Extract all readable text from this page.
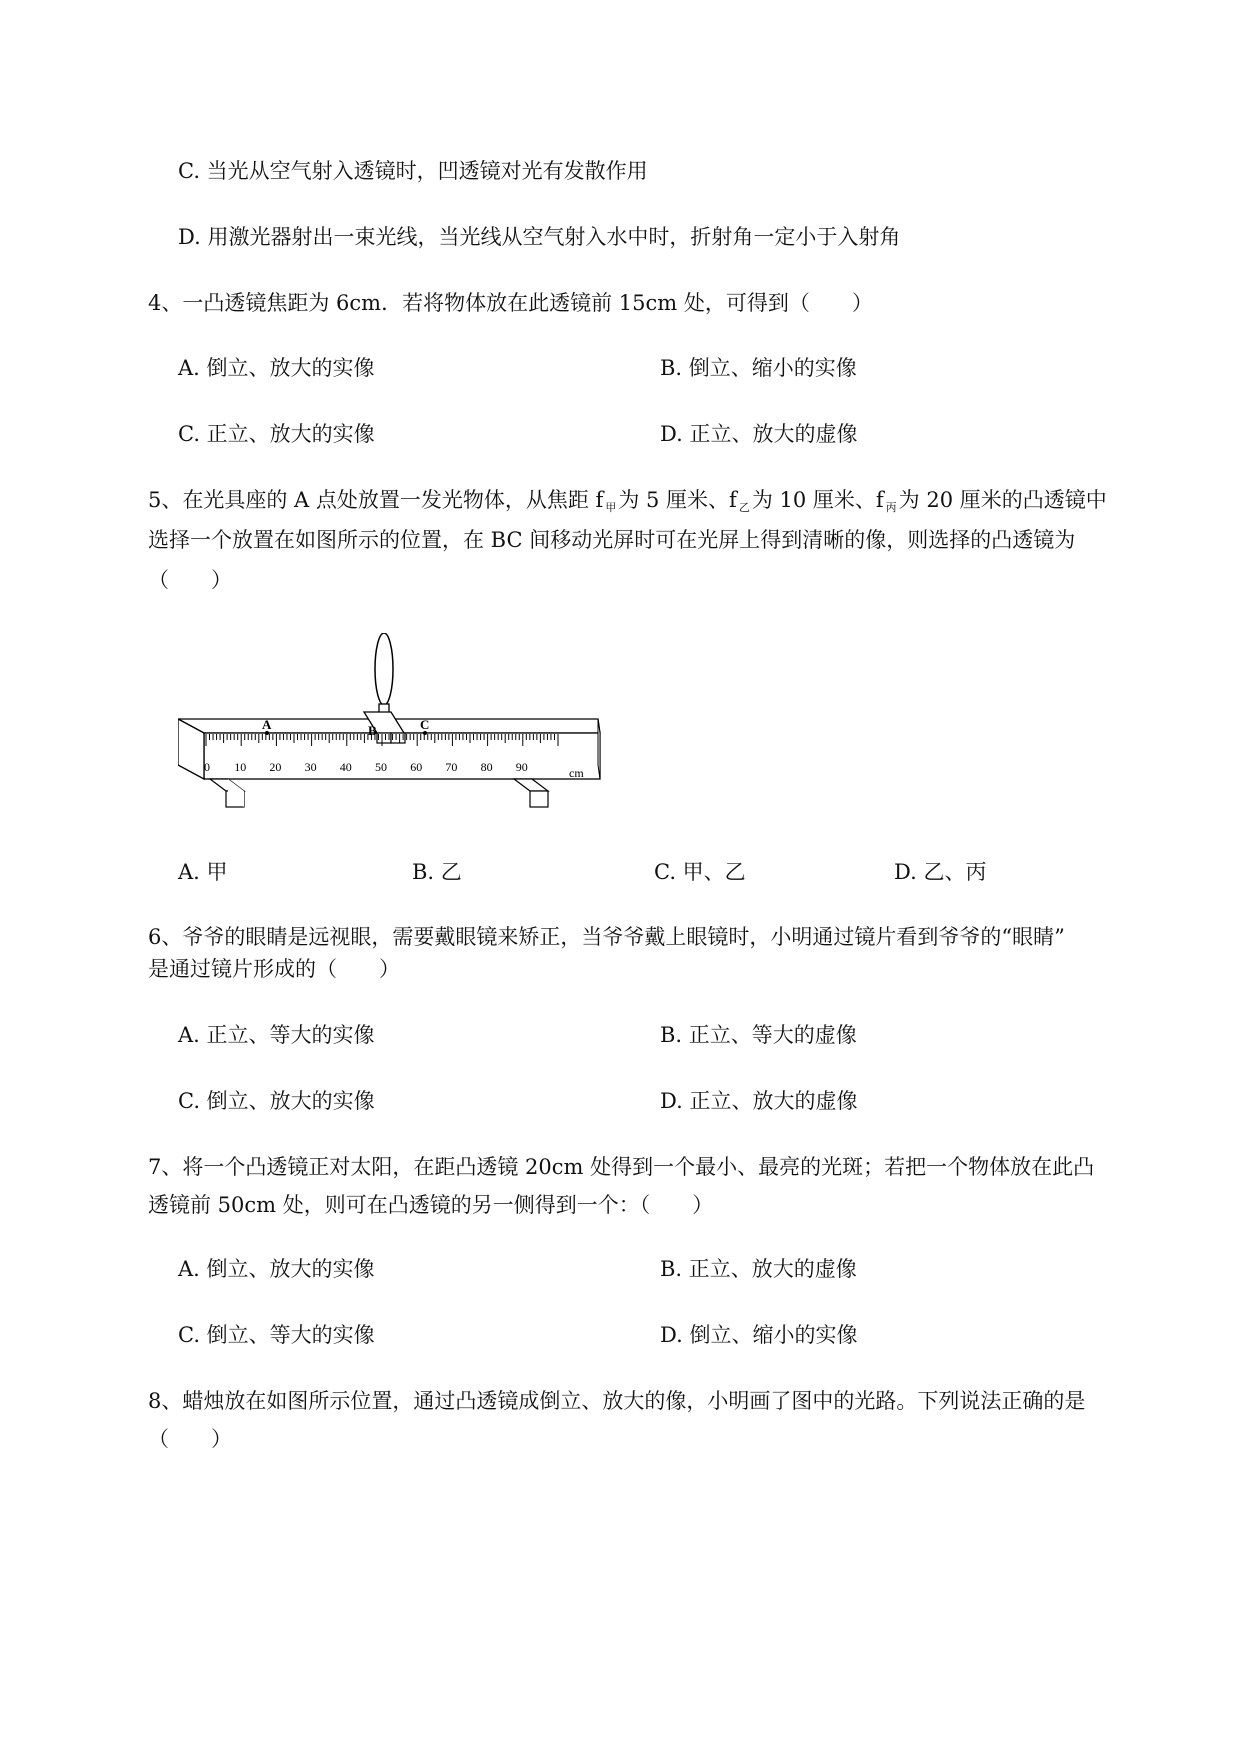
C. 当光从空气射入透镜时，凹透镜对光有发散作用
D. 用激光器射出一束光线，当光线从空气射入水中时，折射角一定小于入射角
4、一凸透镜焦距为 6cm．若将物体放在此透镜前 15cm 处，可得到（　　）
A. 倒立、放大的实像	B. 倒立、缩小的实像
C. 正立、放大的实像	D. 正立、放大的虚像
5、在光具座的 A 点处放置一发光物体，从焦距 f $_甲$为 5 厘米、f $_乙$为 10 厘米、f $_丙$为 20 厘米的凸透镜中
选择一个放置在如图所示的位置，在 BC 间移动光屏时可在光屏上得到清晰的像，则选择的凸透镜为
（　　）
A	B	C
0 10 20 30 40 50 60 70 80 90	cm
A. 甲	B. 乙	C. 甲、乙	D. 乙、丙
6、爷爷的眼睛是远视眼，需要戴眼镜来矫正，当爷爷戴上眼镜时，小明通过镜片看到爷爷的“眼睛”
是通过镜片形成的（　　）
A. 正立、等大的实像	B. 正立、等大的虚像
C. 倒立、放大的实像	D. 正立、放大的虚像
7、将一个凸透镜正对太阳，在距凸透镜 20cm 处得到一个最小、最亮的光斑；若把一个物体放在此凸
透镜前 50cm 处，则可在凸透镜的另一侧得到一个：（　　）
A. 倒立、放大的实像	B. 正立、放大的虚像
C. 倒立、等大的实像	D. 倒立、缩小的实像
8、蜡烛放在如图所示位置，通过凸透镜成倒立、放大的像，小明画了图中的光路。下列说法正确的是
（　　）
